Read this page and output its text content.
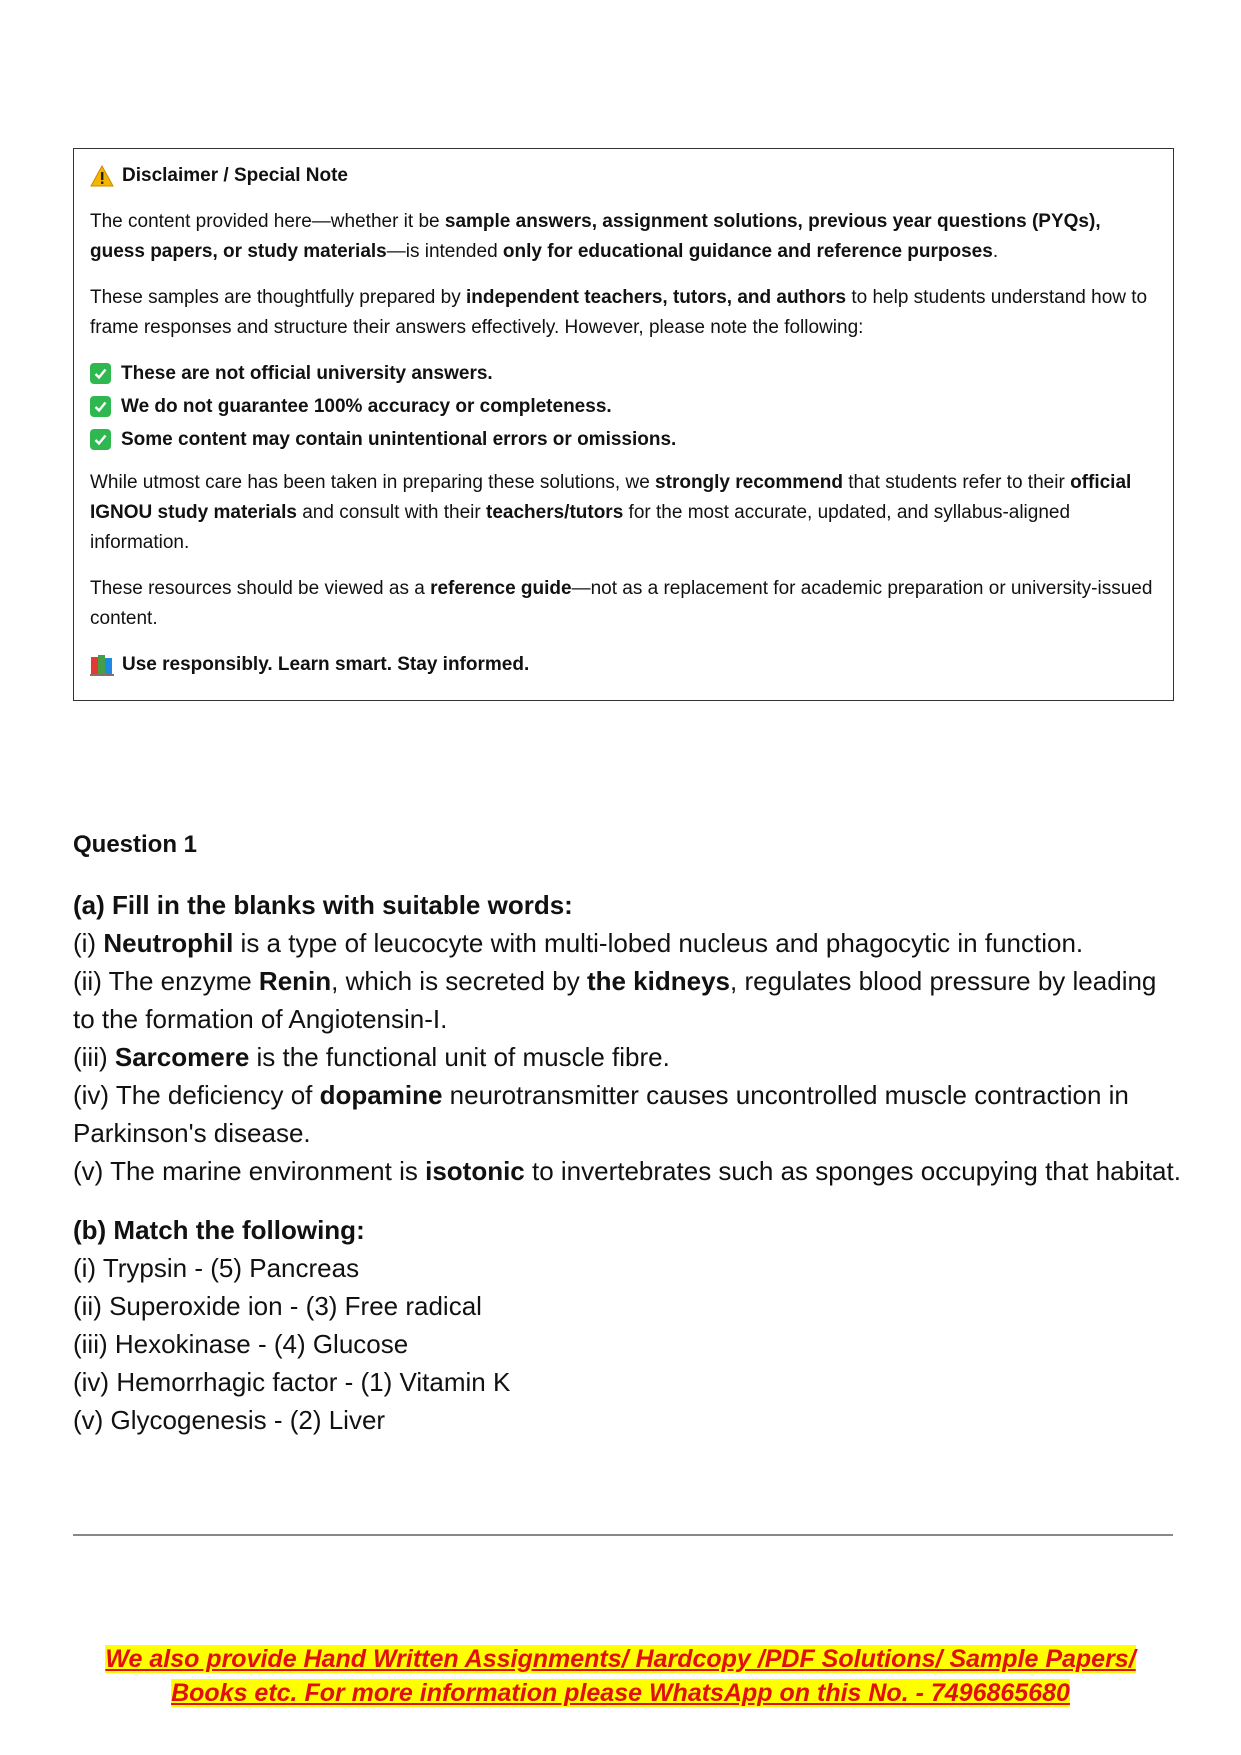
Disclaimer / Special Note

The content provided here—whether it be sample answers, assignment solutions, previous year questions (PYQs), guess papers, or study materials—is intended only for educational guidance and reference purposes.

These samples are thoughtfully prepared by independent teachers, tutors, and authors to help students understand how to frame responses and structure their answers effectively. However, please note the following:

These are not official university answers.
We do not guarantee 100% accuracy or completeness.
Some content may contain unintentional errors or omissions.

While utmost care has been taken in preparing these solutions, we strongly recommend that students refer to their official IGNOU study materials and consult with their teachers/tutors for the most accurate, updated, and syllabus-aligned information.

These resources should be viewed as a reference guide—not as a replacement for academic preparation or university-issued content.

Use responsibly. Learn smart. Stay informed.
Question 1
(a) Fill in the blanks with suitable words:

(i) Neutrophil is a type of leucocyte with multi-lobed nucleus and phagocytic in function.

(ii) The enzyme Renin, which is secreted by the kidneys, regulates blood pressure by leading to the formation of Angiotensin-I.

(iii) Sarcomere is the functional unit of muscle fibre.

(iv) The deficiency of dopamine neurotransmitter causes uncontrolled muscle contraction in Parkinson's disease.

(v) The marine environment is isotonic to invertebrates such as sponges occupying that habitat.

(b) Match the following:

(i) Trypsin - (5) Pancreas

(ii) Superoxide ion - (3) Free radical

(iii) Hexokinase - (4) Glucose

(iv) Hemorrhagic factor - (1) Vitamin K

(v) Glycogenesis - (2) Liver

We also provide Hand Written Assignments/ Hardcopy /PDF Solutions/ Sample Papers/
Books etc. For more information please WhatsApp on this No. - 7496865680
